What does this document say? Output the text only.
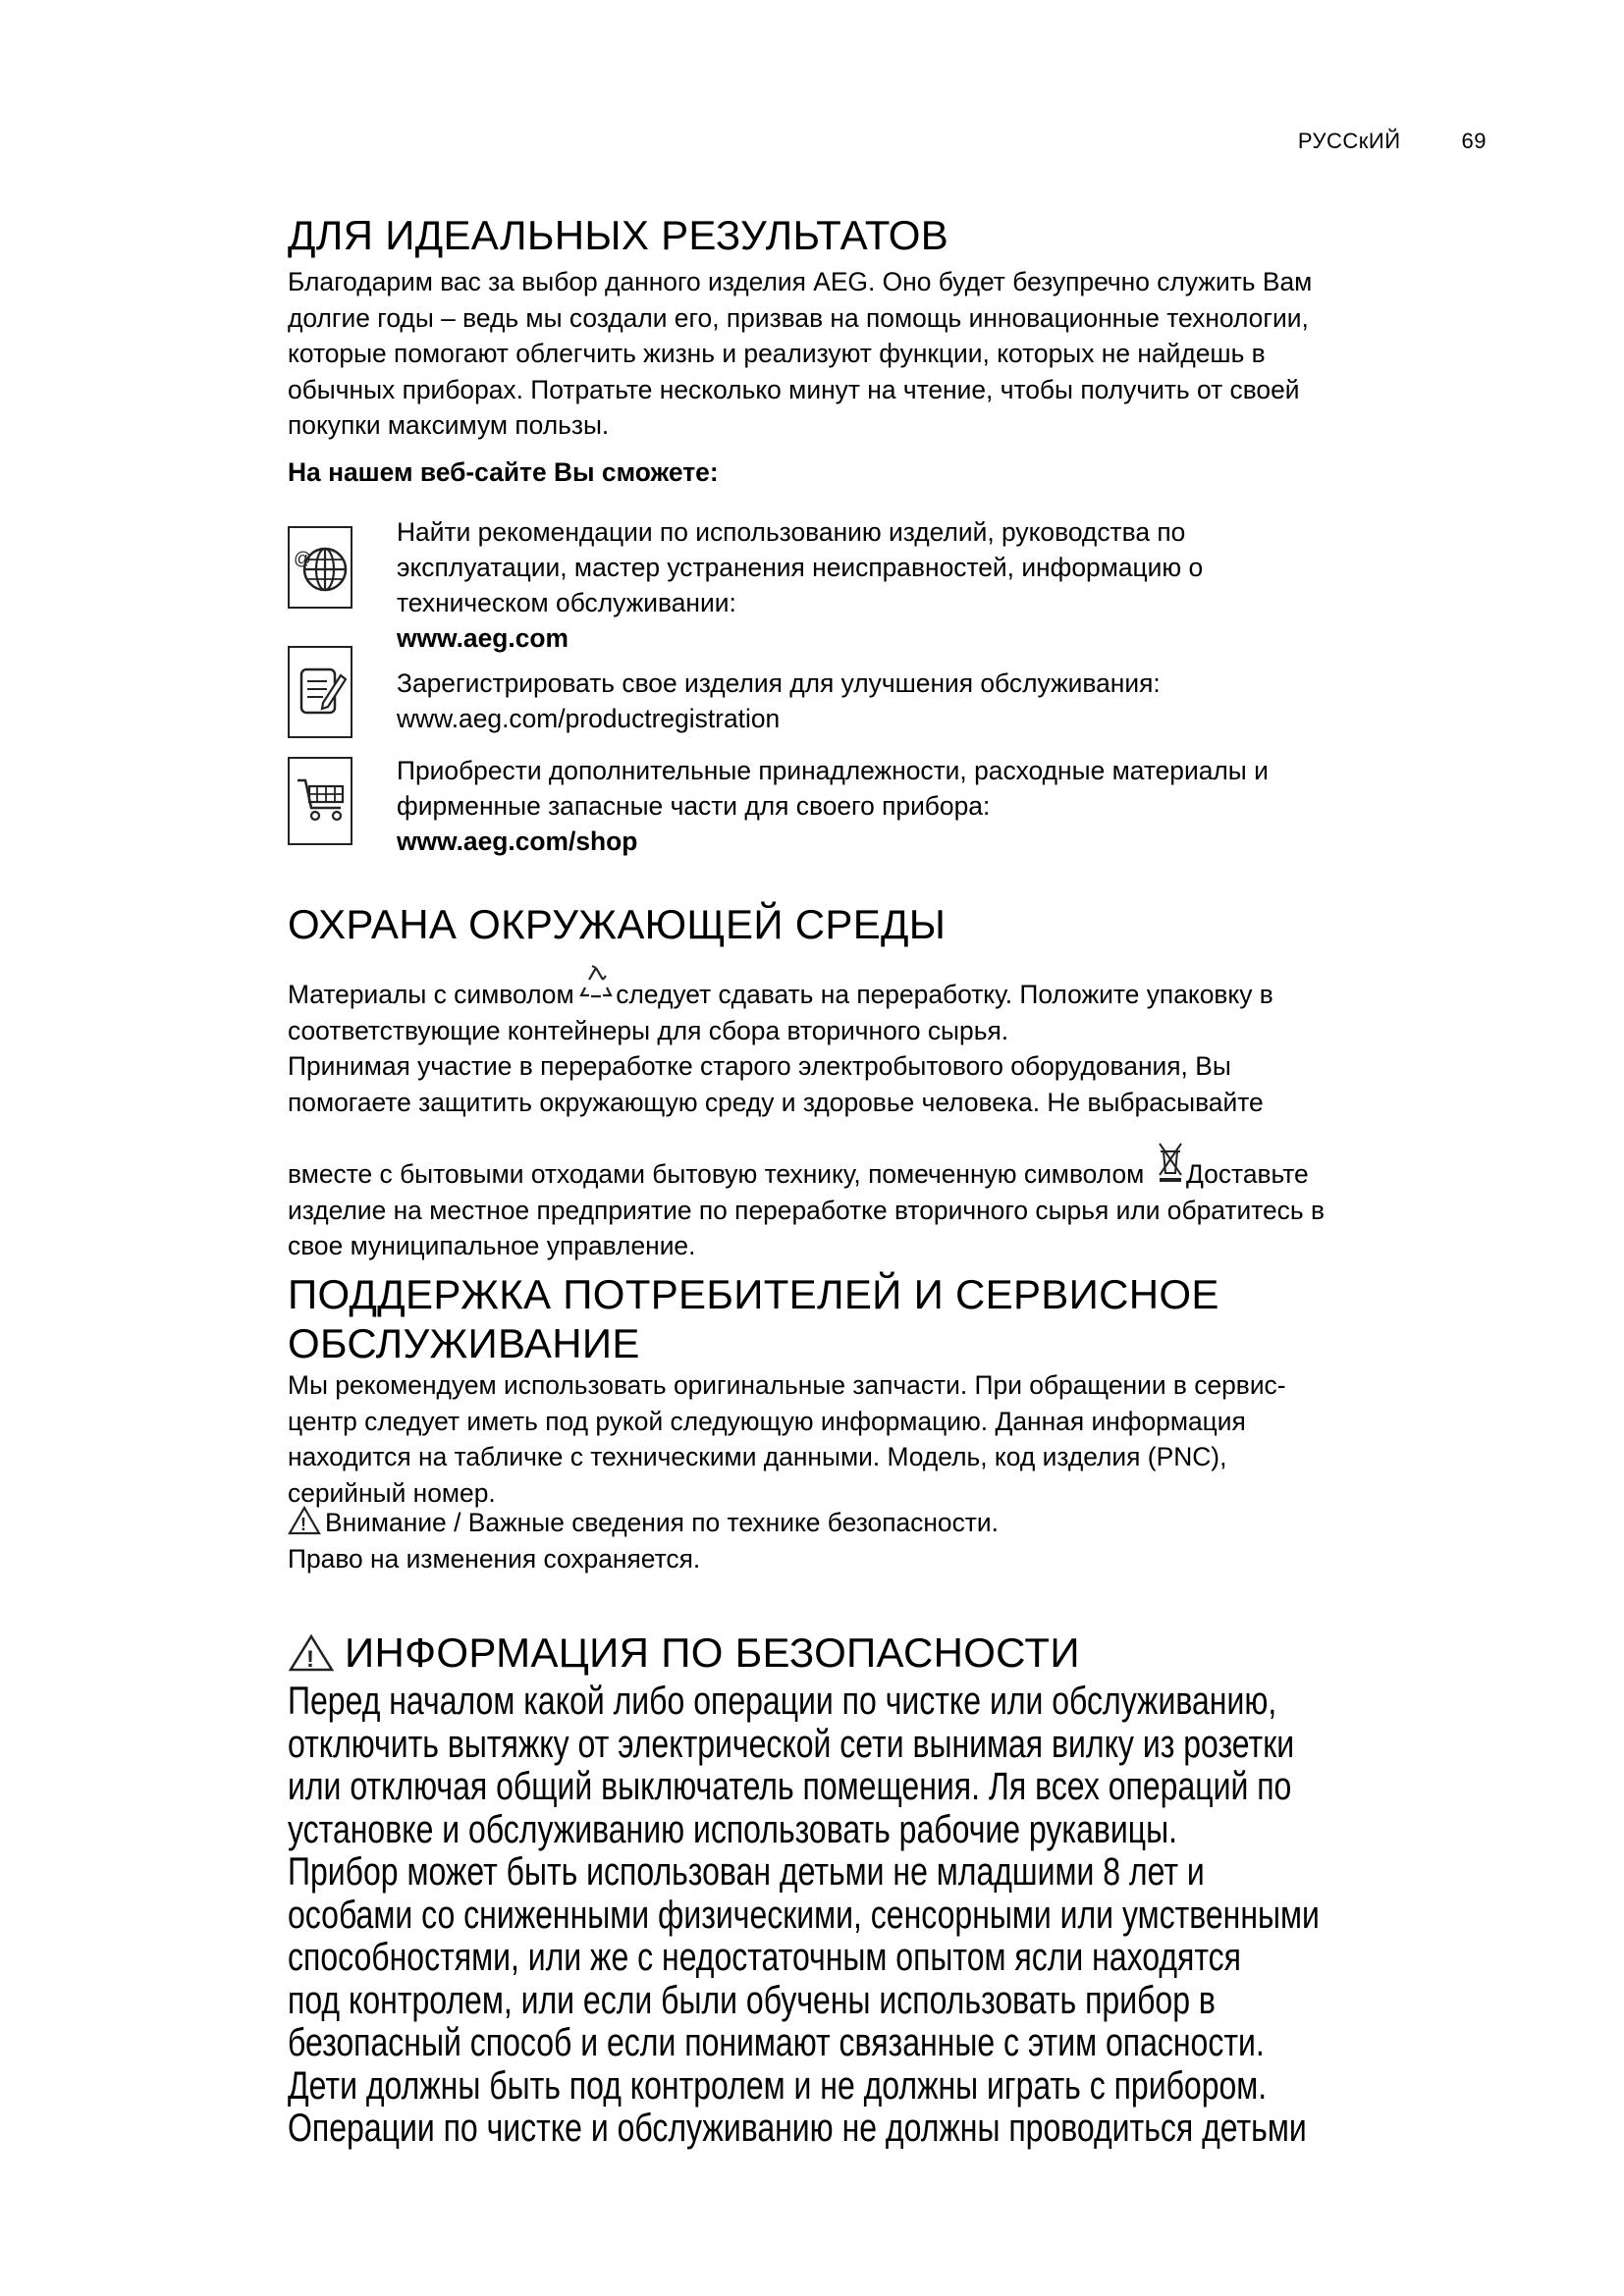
РУССкИЙ	69
ДЛЯ ИДЕАЛЬНЫХ РЕЗУЛЬТАТОВ
Благодарим вас за выбор данного изделия AEG. Оно будет безупречно служить Вам
долгие годы – ведь мы создали его, призвав на помощь инновационные технологии,
которые помогают облегчить жизнь и реализуют функции, которых не найдешь в
обычных приборах. Потратьте несколько минут на чтение, чтобы получить от своей
покупки максимум пользы.
На нашем веб-сайте Вы сможете:
@
Найти рекомендации по использованию изделий, руководства по
эксплуатации, мастер устранения неисправностей, информацию о
техническом обслуживании:
www.aeg.com
Зарегистрировать свое изделия для улучшения обслуживания:
www.aeg.com/productregistration
Приобрести дополнительные принадлежности, расходные материалы и
фирменные запасные части для своего прибора:
www.aeg.com/shop
ОХРАНА ОКРУЖАЮЩЕЙ СРЕДЫ
Материалы с символом следует сдавать на переработку. Положите упаковку в
соответствующие контейнеры для сбора вторичного сырья.
Принимая участие в переработке старого электробытового оборудования, Вы
помогаете защитить окружающую среду и здоровье человека. Не выбрасывайте
вместе с бытовыми отходами бытовую технику, помеченную символом Доставьте
изделие на местное предприятие по переработке вторичного сырья или обратитесь в
свое муниципальное управление.
ПОДДЕРЖКА ПОТРЕБИТЕЛЕЙ И СЕРВИСНОЕ
ОБСЛУЖИВАНИЕ
Мы рекомендуем использовать оригинальные запчасти. При обращении в сервис-
центр следует иметь под рукой следующую информацию. Данная информация
находится на табличке с техническими данными. Модель, код изделия (PNC),
серийный номер.
! Внимание / Важные сведения по технике безопасности.
Право на изменения сохраняется.
! ИНФОРМАЦИЯ ПО БЕЗОПАСНОСТИ
Перед началом какой либо операции по чистке или обслуживанию,
отключить вытяжку от электрической сети вынимая вилку из розетки
или отключая общий выключатель помещения. Ля всех операций по
установке и обслуживанию использовать рабочие рукавицы.
Прибор может быть использован детьми не младшими 8 лет и
особами со сниженными физическими, сенсорными или умственными
способностями, или же с недостаточным опытом ясли находятся
под контролем, или если были обучены использовать прибор в
безопасный способ и если понимают связанные с этим опасности.
Дети должны быть под контролем и не должны играть с прибором.
Операции по чистке и обслуживанию не должны проводиться детьми
